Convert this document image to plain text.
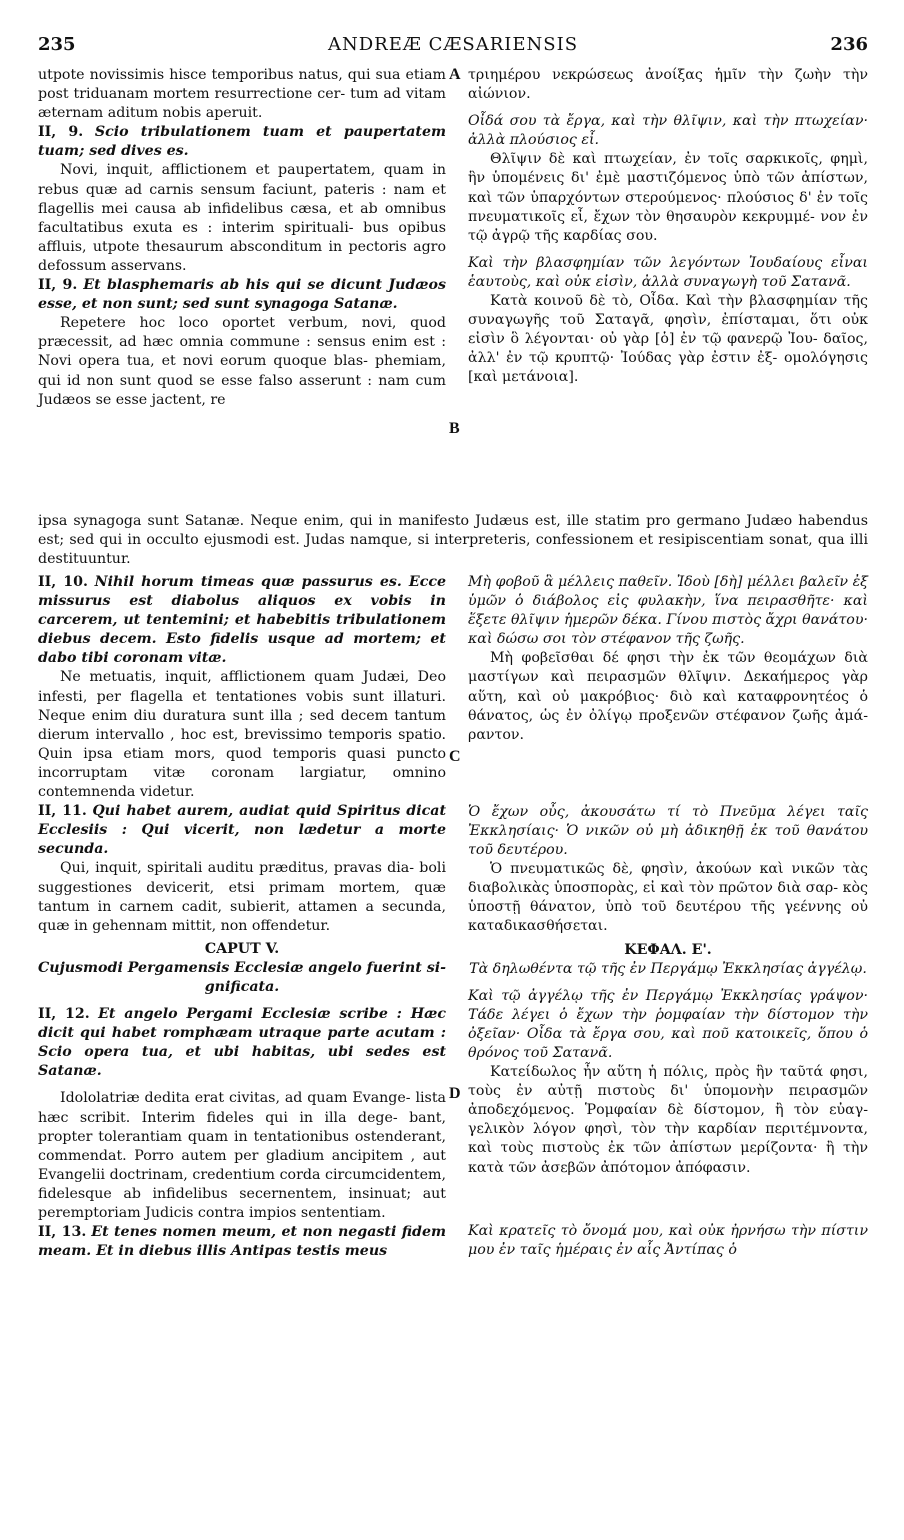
235	ANDREÆ CÆSARIENSIS	236
A
B
C
D

utpote novissimis hisce temporibus natus, qui sua etiam post triduanam mortem resurrectione cer- tum ad vitam æternam aditum nobis aperuit.

II, 9. Scio tribulationem tuam et paupertatem tuam; sed dives es.

Novi, inquit, afflictionem et paupertatem, quam in rebus quæ ad carnis sensum faciunt, pateris : nam et flagellis mei causa ab infidelibus cæsa, et ab omnibus facultatibus exuta es : interim spirituali- bus opibus affluis, utpote thesaurum absconditum in pectoris agro defossum asservans.

II, 9. Et blasphemaris ab his qui se dicunt Judæos esse, et non sunt; sed sunt synagoga Satanæ.

Repetere hoc loco oportet verbum, novi, quod præcessit, ad hæc omnia commune : sensus enim est : Novi opera tua, et novi eorum quoque blas- phemiam, qui id non sunt quod se esse falso asserunt : nam cum Judæos se esse jactent, re

τριημέρου νεκρώσεως ἀνοίξας ἡμῖν τὴν ζωὴν τὴν αἰώνιον.

Οἶδά σου τὰ ἔργα, καὶ τὴν θλῖψιν, καὶ τὴν πτωχείαν· ἀλλὰ πλούσιος εἶ.

Θλῖψιν δὲ καὶ πτωχείαν, ἐν τοῖς σαρκικοῖς, φημὶ, ἣν ὑπομένεις δι' ἐμὲ μαστιζόμενος ὑπὸ τῶν ἀπίστων, καὶ τῶν ὑπαρχόντων στερούμενος· πλούσιος δ' ἐν τοῖς πνευματικοῖς εἶ, ἔχων τὸν θησαυρὸν κεκρυμμέ- νον ἐν τῷ ἀγρῷ τῆς καρδίας σου.

Καὶ τὴν βλασφημίαν τῶν λεγόντων Ἰουδαίους εἶναι ἑαυτοὺς, καὶ οὐκ εἰσὶν, ἀλλὰ συναγωγὴ τοῦ Σατανᾶ.

Κατὰ κοινοῦ δὲ τὸ, Οἶδα. Καὶ τὴν βλασφημίαν τῆς συναγωγῆς τοῦ Σαταγᾶ, φησὶν, ἐπίσταμαι, ὅτι οὐκ εἰσὶν ὃ λέγονται· οὐ γὰρ [ὁ] ἐν τῷ φανερῷ Ἰου- δαῖος, ἀλλ' ἐν τῷ κρυπτῷ· Ἰούδας γὰρ ἐστιν ἐξ- ομολόγησις [καὶ μετάνοια].

ipsa synagoga sunt Satanæ. Neque enim, qui in manifesto Judæus est, ille statim pro germano Judæo habendus est; sed qui in occulto ejusmodi est. Judas namque, si interpreteris, confessionem et resipiscentiam sonat, qua illi destituuntur.

II, 10. Nihil horum timeas quæ passurus es. Ecce missurus est diabolus aliquos ex vobis in carcerem, ut tentemini; et habebitis tribulationem diebus decem. Esto fidelis usque ad mortem; et dabo tibi coronam vitæ.

Ne metuatis, inquit, afflictionem quam Judæi, Deo infesti, per flagella et tentationes vobis sunt illaturi. Neque enim diu duratura sunt illa ; sed decem tantum dierum intervallo , hoc est, brevissimo temporis spatio. Quin ipsa etiam mors, quod temporis quasi puncto incorruptam vitæ coronam largiatur, omnino contemnenda videtur.

II, 11. Qui habet aurem, audiat quid Spiritus dicat Ecclesiis : Qui vicerit, non lædetur a morte secunda.

Qui, inquit, spiritali auditu præditus, pravas dia- boli suggestiones devicerit, etsi primam mortem, quæ tantum in carnem cadit, subierit, attamen a secunda, quæ in gehennam mittit, non offendetur.

CAPUT V.

Cujusmodi Pergamensis Ecclesiæ angelo fuerint si- gnificata.

II, 12. Et angelo Pergami Ecclesiæ scribe : Hæc dicit qui habet romphæam utraque parte acutam : Scio opera tua, et ubi habitas, ubi sedes est Satanæ.

Idololatriæ dedita erat civitas, ad quam Evange- lista hæc scribit. Interim fideles qui in illa dege- bant, propter tolerantiam quam in tentationibus ostenderant, commendat. Porro autem per gladium ancipitem , aut Evangelii doctrinam, credentium corda circumcidentem, fidelesque ab infidelibus secernentem, insinuat; aut peremptoriam Judicis contra impios sententiam.

II, 13. Et tenes nomen meum, et non negasti fidem meam. Et in diebus illis Antipas testis meus

Μὴ φοβοῦ ἃ μέλλεις παθεῖν. Ἰδοὺ [δὴ] μέλλει βαλεῖν ἐξ ὑμῶν ὁ διάβολος εἰς φυλακὴν, ἵνα πειρασθῆτε· καὶ ἕξετε θλῖψιν ἡμερῶν δέκα. Γίνου πιστὸς ἄχρι θανάτου· καὶ δώσω σοι τὸν στέφανον τῆς ζωῆς.

Μὴ φοβεῖσθαι δέ φησι τὴν ἐκ τῶν θεομάχων διὰ μαστίγων καὶ πειρασμῶν θλῖψιν. Δεκαήμερος γὰρ αὕτη, καὶ οὐ μακρόβιος· διὸ καὶ καταφρονητέος ὁ θάνατος, ὡς ἐν ὀλίγῳ προξενῶν στέφανον ζωῆς ἀμά- ραντον.

Ὁ ἔχων οὖς, ἀκουσάτω τί τὸ Πνεῦμα λέγει ταῖς Ἐκκλησίαις· Ὁ νικῶν οὐ μὴ ἀδικηθῇ ἐκ τοῦ θανάτου τοῦ δευτέρου.

Ὁ πνευματικῶς δὲ, φησὶν, ἀκούων καὶ νικῶν τὰς διαβολικὰς ὑποσπορὰς, εἰ καὶ τὸν πρῶτον διὰ σαρ- κὸς ὑποστῇ θάνατον, ὑπὸ τοῦ δευτέρου τῆς γεέννης οὐ καταδικασθήσεται.

ΚΕΦΑΛ. Ε'.

Τὰ δηλωθέντα τῷ τῆς ἐν Περγάμῳ Ἐκκλησίας ἀγγέλῳ.

Καὶ τῷ ἀγγέλῳ τῆς ἐν Περγάμῳ Ἐκκλησίας γράψον· Τάδε λέγει ὁ ἔχων τὴν ῥομφαίαν τὴν δίστομον τὴν ὀξεῖαν· Οἶδα τὰ ἔργα σου, καὶ ποῦ κατοικεῖς, ὅπου ὁ θρόνος τοῦ Σατανᾶ.

Κατείδωλος ἦν αὕτη ἡ πόλις, πρὸς ἣν ταῦτά φησι, τοὺς ἐν αὐτῇ πιστοὺς δι' ὑπομονὴν πειρασμῶν ἀποδεχόμενος. Ῥομφαίαν δὲ δίστομον, ἢ τὸν εὐαγ- γελικὸν λόγον φησὶ, τὸν τὴν καρδίαν περιτέμνοντα, καὶ τοὺς πιστοὺς ἐκ τῶν ἀπίστων μερίζοντα· ἢ τὴν κατὰ τῶν ἀσεβῶν ἀπότομον ἀπόφασιν.

Καὶ κρατεῖς τὸ ὄνομά μου, καὶ οὐκ ἠρνήσω τὴν πίστιν μου ἐν ταῖς ἡμέραις ἐν αἷς Ἀντίπας ὁ
